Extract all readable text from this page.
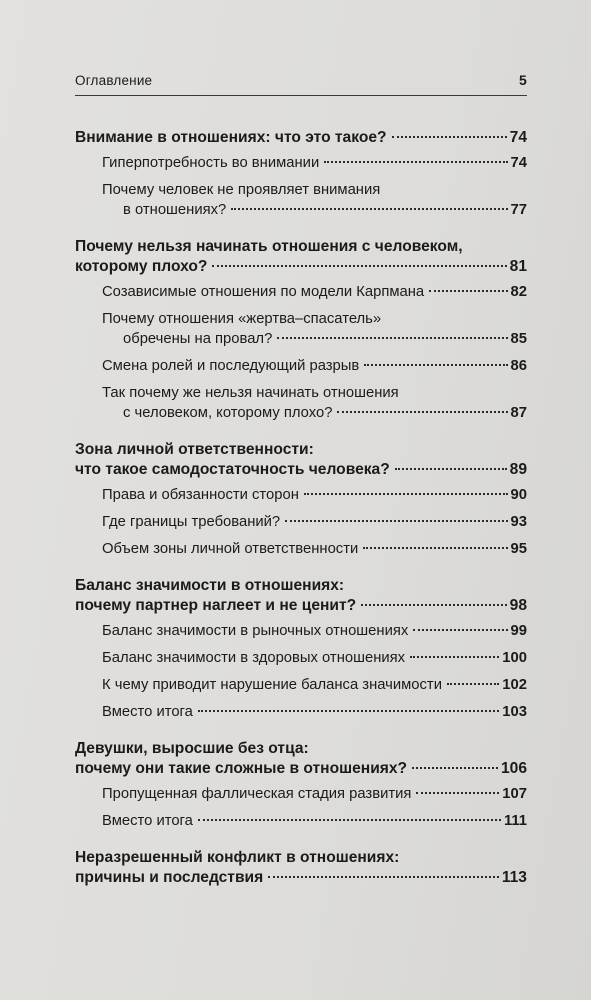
Оглавление	5
Внимание в отношениях: что это такое?	74
Гиперпотребность во внимании	74
Почему человек не проявляет внимания
в отношениях?	77
Почему нельзя начинать отношения с человеком,
которому плохо?	81
Созависимые отношения по модели Карпмана	82
Почему отношения «жертва–спасатель»
обречены на провал?	85
Смена ролей и последующий разрыв	86
Так почему же нельзя начинать отношения
с человеком, которому плохо?	87
Зона личной ответственности:
что такое самодостаточность человека?	89
Права и обязанности сторон	90
Где границы требований?	93
Объем зоны личной ответственности	95
Баланс значимости в отношениях:
почему партнер наглеет и не ценит?	98
Баланс значимости в рыночных отношениях	99
Баланс значимости в здоровых отношениях	100
К чему приводит нарушение баланса значимости	102
Вместо итога	103
Девушки, выросшие без отца:
почему они такие сложные в отношениях?	106
Пропущенная фаллическая стадия развития	107
Вместо итога	111
Неразрешенный конфликт в отношениях:
причины и последствия	113
